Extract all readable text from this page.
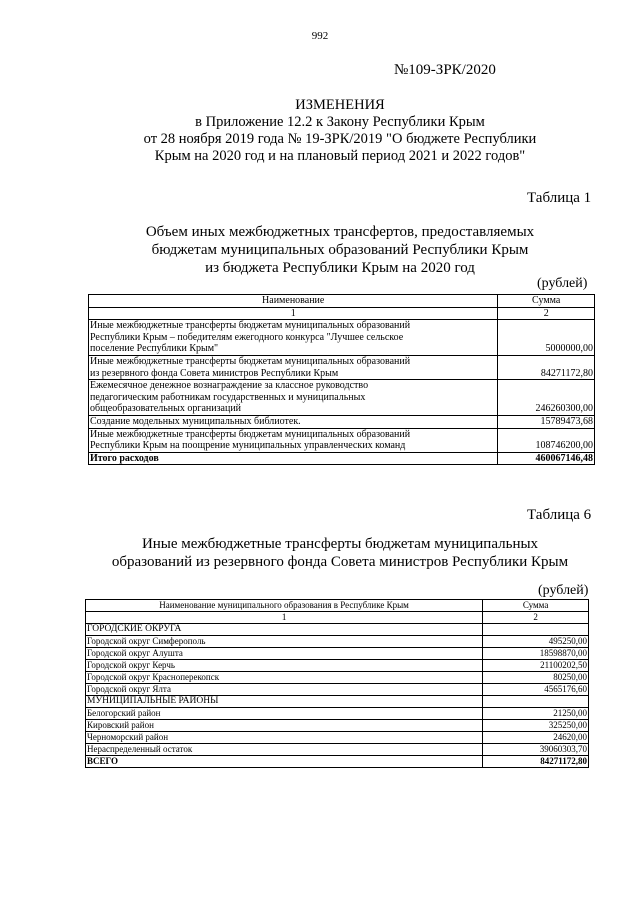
992
№109-ЗРК/2020
ИЗМЕНЕНИЯ
в Приложение 12.2 к Закону Республики Крым
от 28 ноября 2019 года № 19-ЗРК/2019 "О бюджете Республики
Крым на 2020 год и на плановый период 2021 и 2022 годов"
Таблица 1
Объем иных межбюджетных трансфертов, предоставляемых
бюджетам муниципальных образований Республики Крым
из бюджета Республики Крым на 2020 год
(рублей)
Наименование	Сумма
1	2

Иные межбюджетные трансферты бюджетам муниципальных образований
Республики Крым – победителям ежегодного конкурса "Лучшее сельское
поселение Республики Крым"	5000000,00

Иные межбюджетные трансферты бюджетам муниципальных образований
из резервного фонда Совета министров Республики Крым	84271172,80

Ежемесячное денежное вознаграждение за классное руководство
педагогическим работникам государственных и муниципальных
общеобразовательных организаций	246260300,00

Создание модельных муниципальных библиотек.	15789473,68

Иные межбюджетные трансферты бюджетам муниципальных образований
Республики Крым на поощрение муниципальных управленческих команд	108746200,00
Итого расходов	460067146,48
Таблица 6
Иные межбюджетные трансферты бюджетам муниципальных
образований из резервного фонда Совета министров Республики Крым
(рублей)
Наименование муниципального образования в Республике Крым	Сумма
1	2
ГОРОДСКИЕ ОКРУГА	
Городской округ Симферополь	495250,00
Городской округ Алушта	18598870,00
Городской округ Керчь	21100202,50
Городской округ Красноперекопск	80250,00
Городской округ Ялта	4565176,60
МУНИЦИПАЛЬНЫЕ РАЙОНЫ	
Белогорский район	21250,00
Кировский район	325250,00
Черноморский район	24620,00
Нераспределенный остаток	39060303,70
ВСЕГО	84271172,80
